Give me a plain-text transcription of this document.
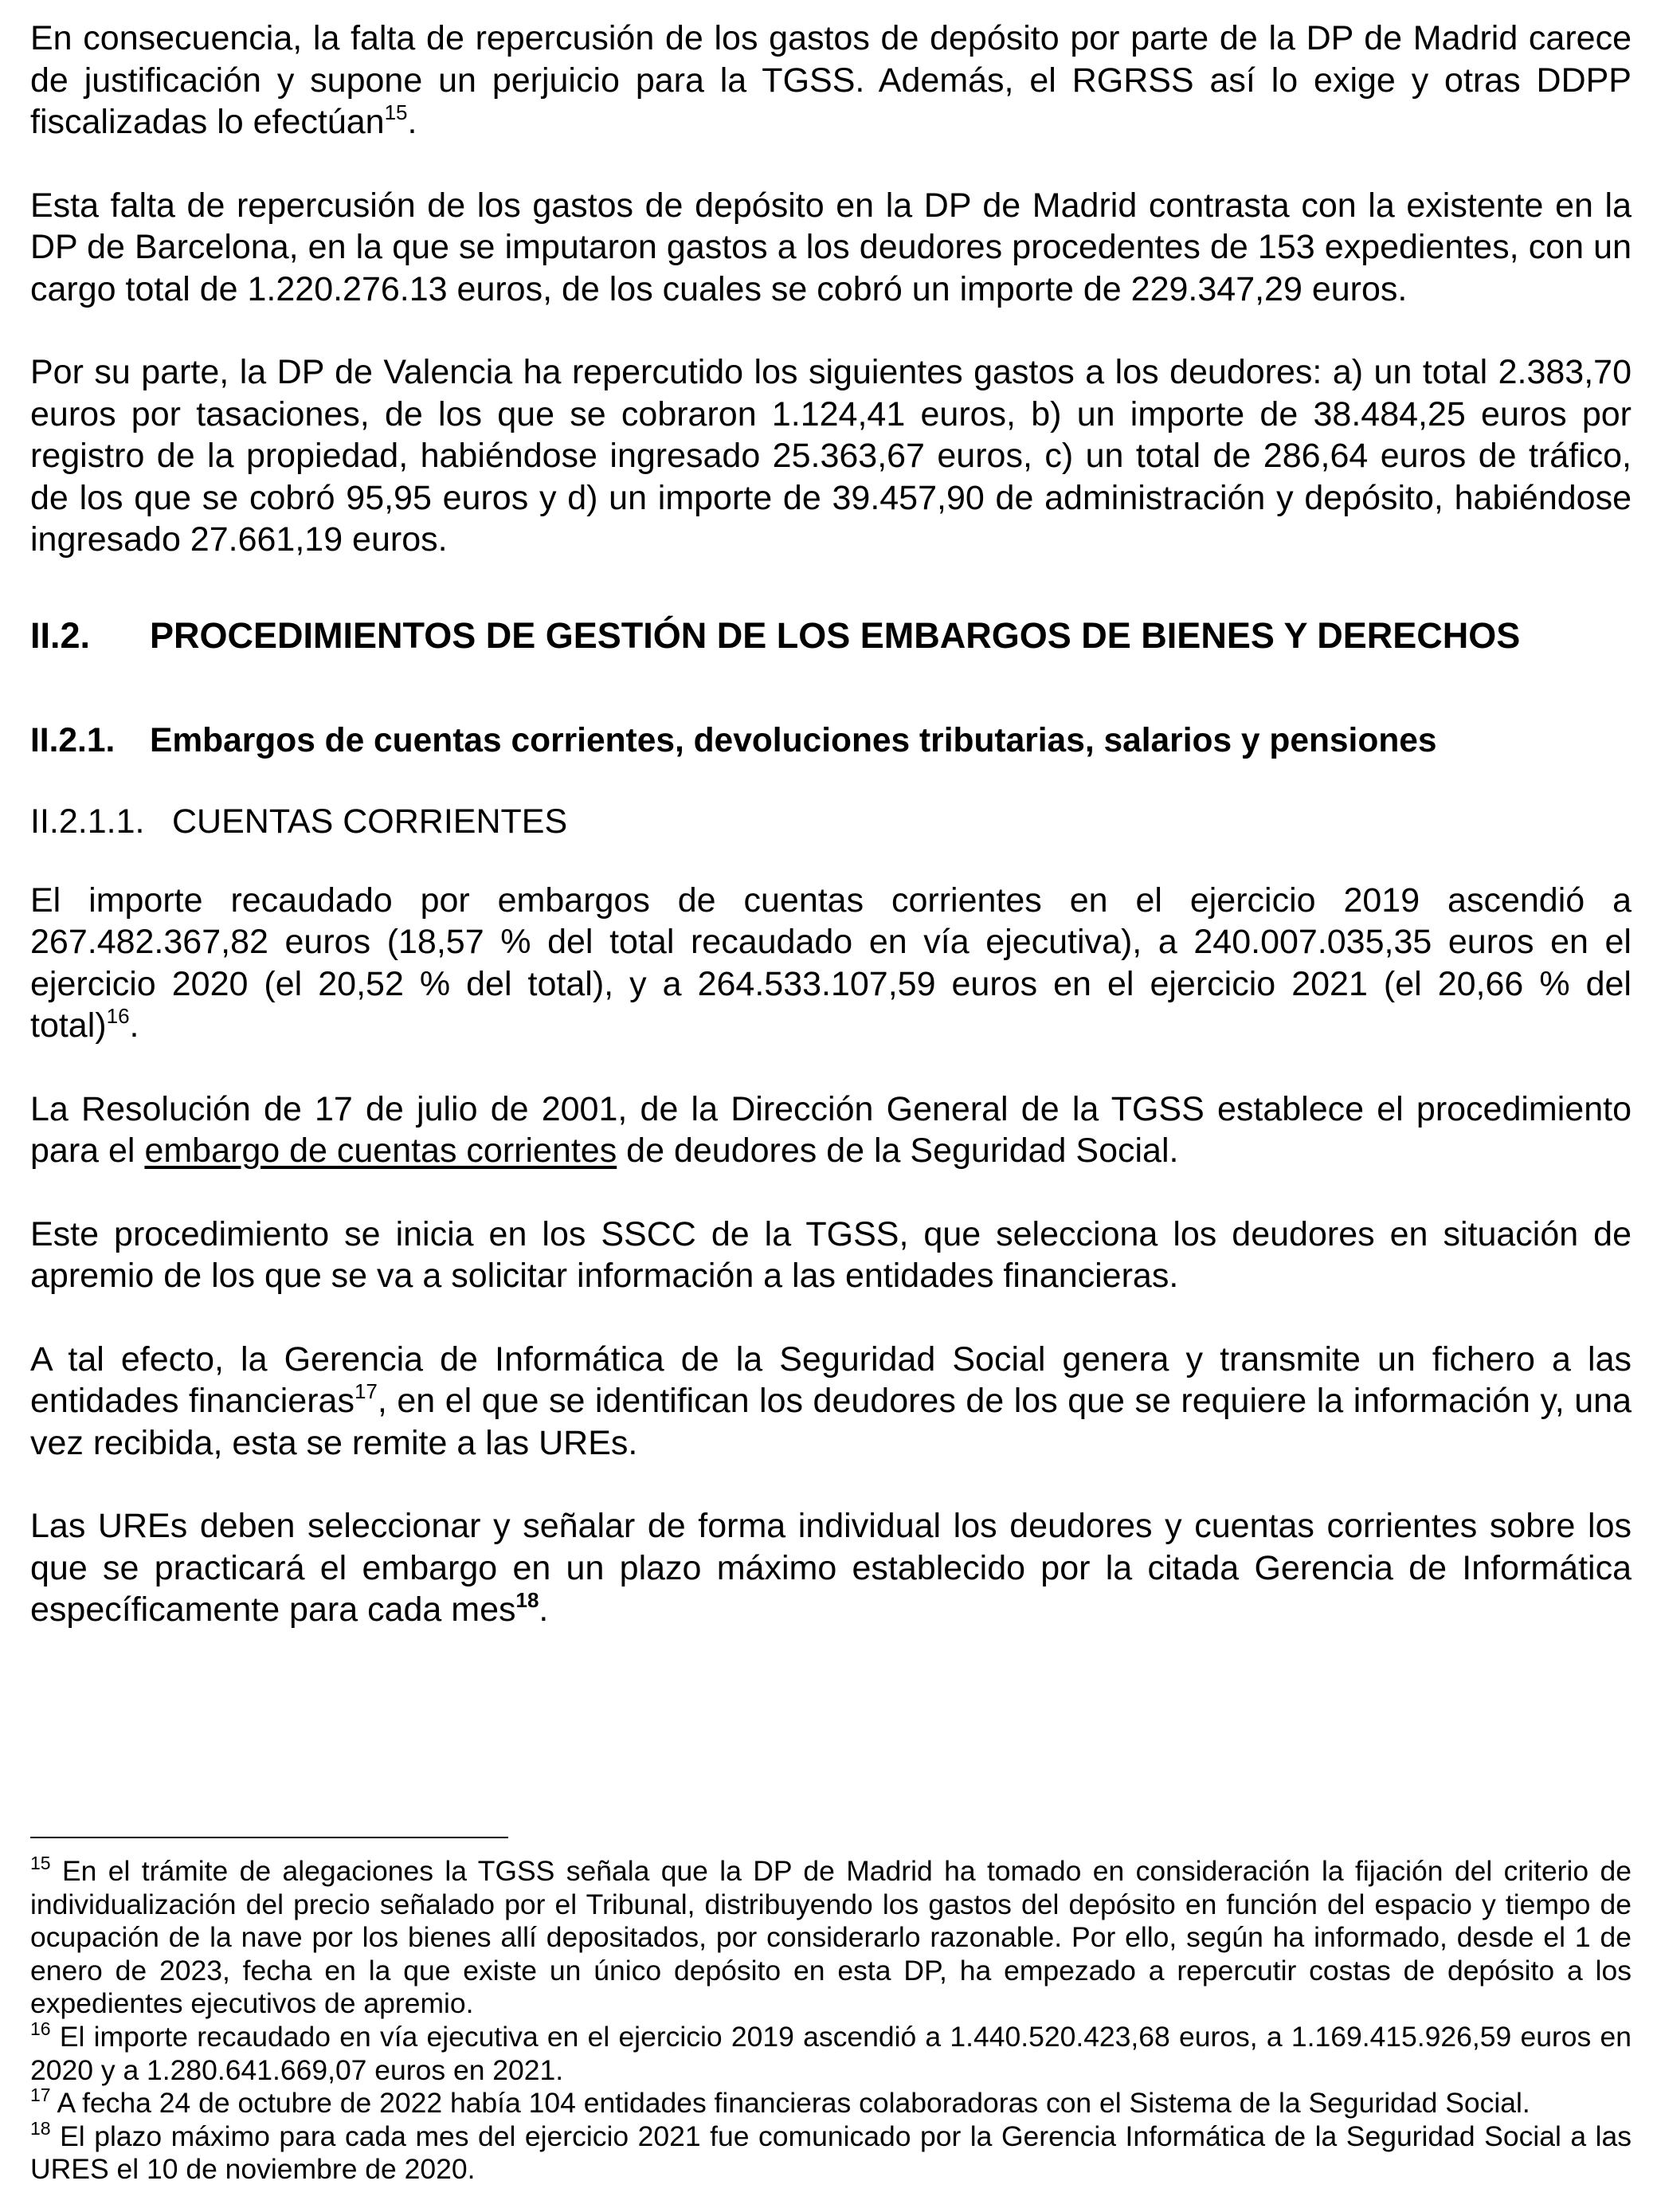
En consecuencia, la falta de repercusión de los gastos de depósito por parte de la DP de Madrid carece de justificación y supone un perjuicio para la TGSS. Además, el RGRSS así lo exige y otras DDPP fiscalizadas lo efectúan$^{15}$.

Esta falta de repercusión de los gastos de depósito en la DP de Madrid contrasta con la existente en la DP de Barcelona, en la que se imputaron gastos a los deudores procedentes de 153 expedientes, con un cargo total de 1.220.276.13 euros, de los cuales se cobró un importe de 229.347,29 euros.

Por su parte, la DP de Valencia ha repercutido los siguientes gastos a los deudores: a) un total 2.383,70 euros por tasaciones, de los que se cobraron 1.124,41 euros, b) un importe de 38.484,25 euros por registro de la propiedad, habiéndose ingresado 25.363,67 euros, c) un total de 286,64 euros de tráfico, de los que se cobró 95,95 euros y d) un importe de 39.457,90 de administración y depósito, habiéndose ingresado 27.661,19 euros.

II.2. PROCEDIMIENTOS DE GESTIÓN DE LOS EMBARGOS DE BIENES Y DERECHOS
II.2.1. Embargos de cuentas corrientes, devoluciones tributarias, salarios y pensiones
II.2.1.1. CUENTAS CORRIENTES

El importe recaudado por embargos de cuentas corrientes en el ejercicio 2019 ascendió a 267.482.367,82 euros (18,57 % del total recaudado en vía ejecutiva), a 240.007.035,35 euros en el ejercicio 2020 (el 20,52 % del total), y a 264.533.107,59 euros en el ejercicio 2021 (el 20,66 % del total)$^{16}$.

La Resolución de 17 de julio de 2001, de la Dirección General de la TGSS establece el procedimiento para el embargo de cuentas corrientes de deudores de la Seguridad Social.

Este procedimiento se inicia en los SSCC de la TGSS, que selecciona los deudores en situación de apremio de los que se va a solicitar información a las entidades financieras.

A tal efecto, la Gerencia de Informática de la Seguridad Social genera y transmite un fichero a las entidades financieras$^{17}$, en el que se identifican los deudores de los que se requiere la información y, una vez recibida, esta se remite a las UREs.

Las UREs deben seleccionar y señalar de forma individual los deudores y cuentas corrientes sobre los que se practicará el embargo en un plazo máximo establecido por la citada Gerencia de Informática específicamente para cada mes$^{18}$.

$^{15}$ En el trámite de alegaciones la TGSS señala que la DP de Madrid ha tomado en consideración la fijación del criterio de individualización del precio señalado por el Tribunal, distribuyendo los gastos del depósito en función del espacio y tiempo de ocupación de la nave por los bienes allí depositados, por considerarlo razonable. Por ello, según ha informado, desde el 1 de enero de 2023, fecha en la que existe un único depósito en esta DP, ha empezado a repercutir costas de depósito a los expedientes ejecutivos de apremio.

$^{16}$ El importe recaudado en vía ejecutiva en el ejercicio 2019 ascendió a 1.440.520.423,68 euros, a 1.169.415.926,59 euros en 2020 y a 1.280.641.669,07 euros en 2021.

$^{17}$ A fecha 24 de octubre de 2022 había 104 entidades financieras colaboradoras con el Sistema de la Seguridad Social.

$^{18}$ El plazo máximo para cada mes del ejercicio 2021 fue comunicado por la Gerencia Informática de la Seguridad Social a las URES el 10 de noviembre de 2020.
